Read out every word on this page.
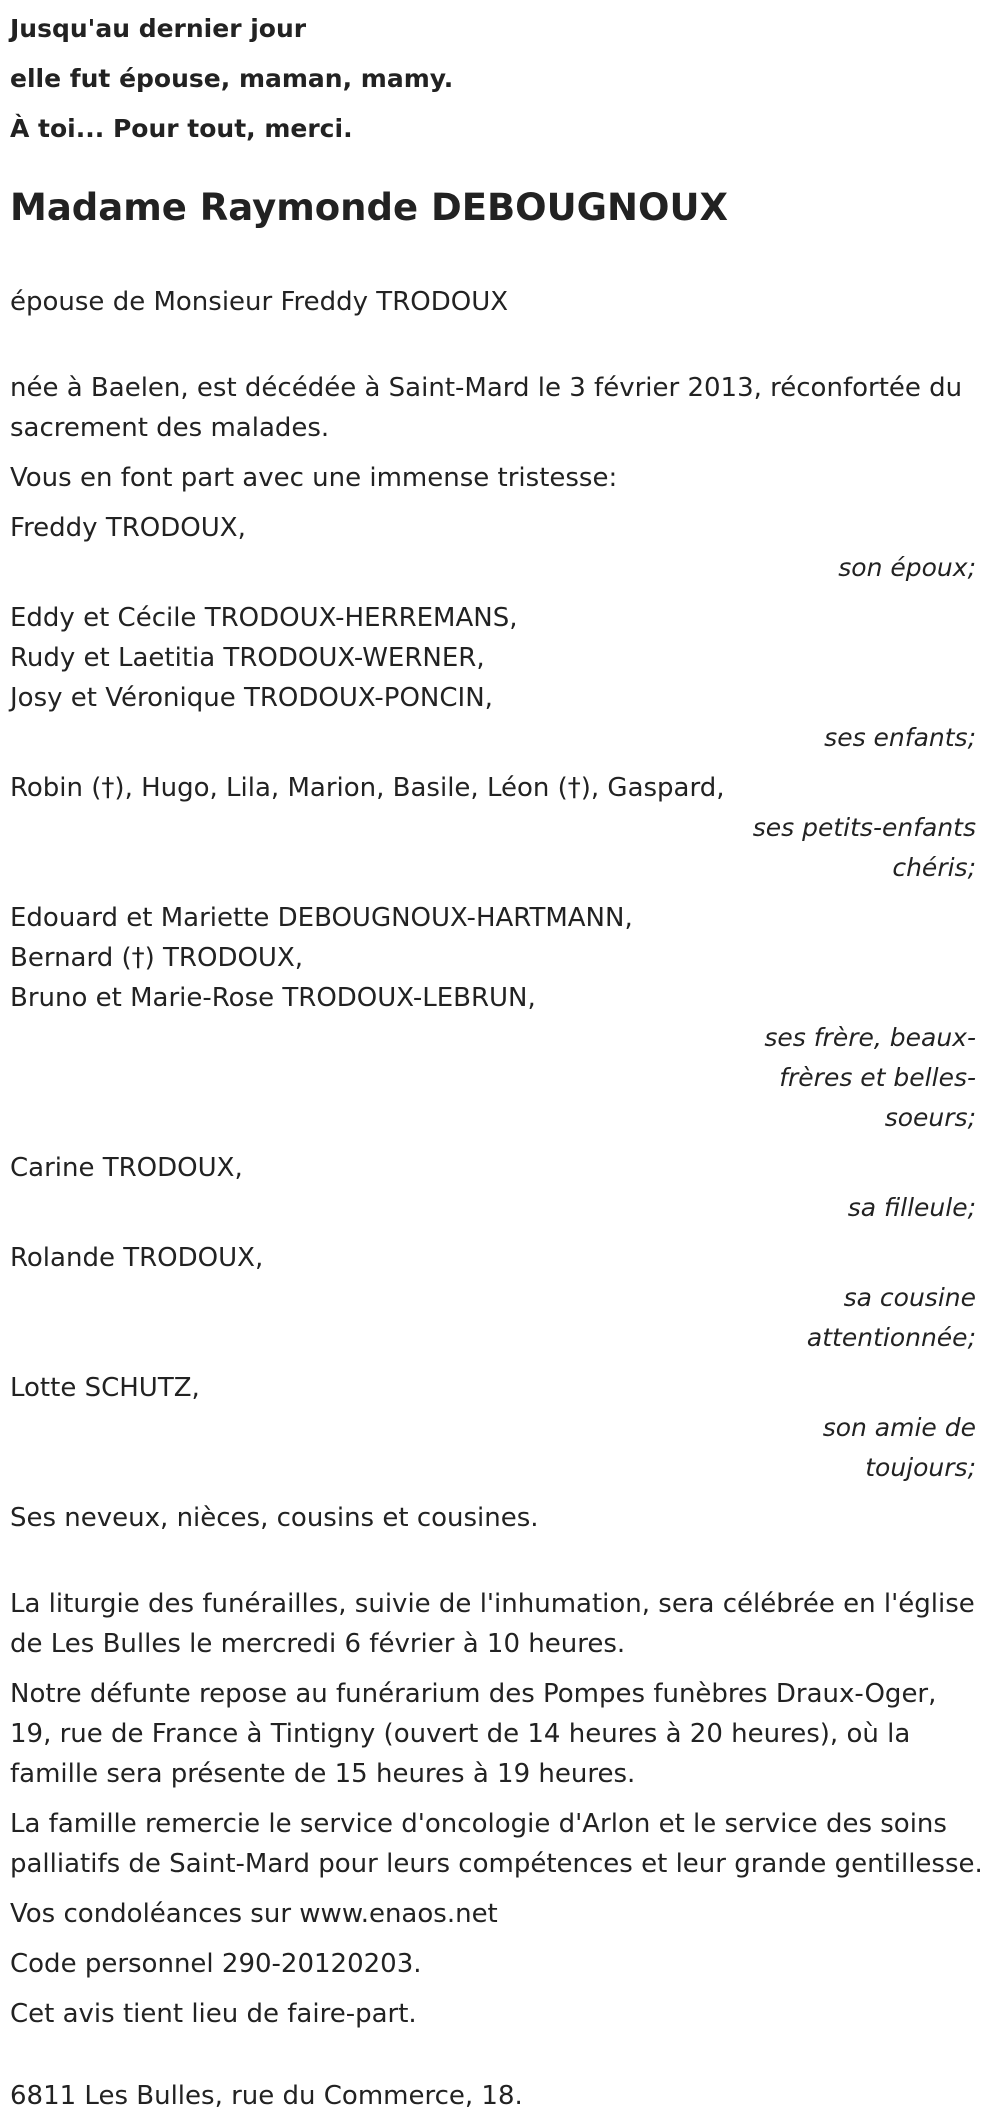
Jusqu'au dernier jour

elle fut épouse, maman, mamy.

À toi... Pour tout, merci.

Madame Raymonde DEBOUGNOUX

épouse de Monsieur Freddy TRODOUX

née à Baelen, est décédée à Saint-Mard le 3 février 2013, réconfortée du sacrement des malades.

Vous en font part avec une immense tristesse:

Freddy TRODOUX,

son époux;

Eddy et Cécile TRODOUX-HERREMANS,

Rudy et Laetitia TRODOUX-WERNER,

Josy et Véronique TRODOUX-PONCIN,

ses enfants;

Robin (†), Hugo, Lila, Marion, Basile, Léon (†), Gaspard,

ses petits-enfants chéris;

Edouard et Mariette DEBOUGNOUX-HARTMANN,

Bernard (†) TRODOUX,

Bruno et Marie-Rose TRODOUX-LEBRUN,

ses frère, beaux-frères et belles-soeurs;

Carine TRODOUX,

sa filleule;

Rolande TRODOUX,

sa cousine attentionnée;

Lotte SCHUTZ,

son amie de toujours;

Ses neveux, nièces, cousins et cousines.

La liturgie des funérailles, suivie de l'inhumation, sera célébrée en l'église de Les Bulles le mercredi 6 février à 10 heures.

Notre défunte repose au funérarium des Pompes funèbres Draux-Oger, 19, rue de France à Tintigny (ouvert de 14 heures à 20 heures), où la famille sera présente de 15 heures à 19 heures.

La famille remercie le service d'oncologie d'Arlon et le service des soins palliatifs de Saint-Mard pour leurs compétences et leur grande gentillesse.

Vos condoléances sur www.enaos.net

Code personnel 290-20120203.

Cet avis tient lieu de faire-part.

6811 Les Bulles, rue du Commerce, 18.
